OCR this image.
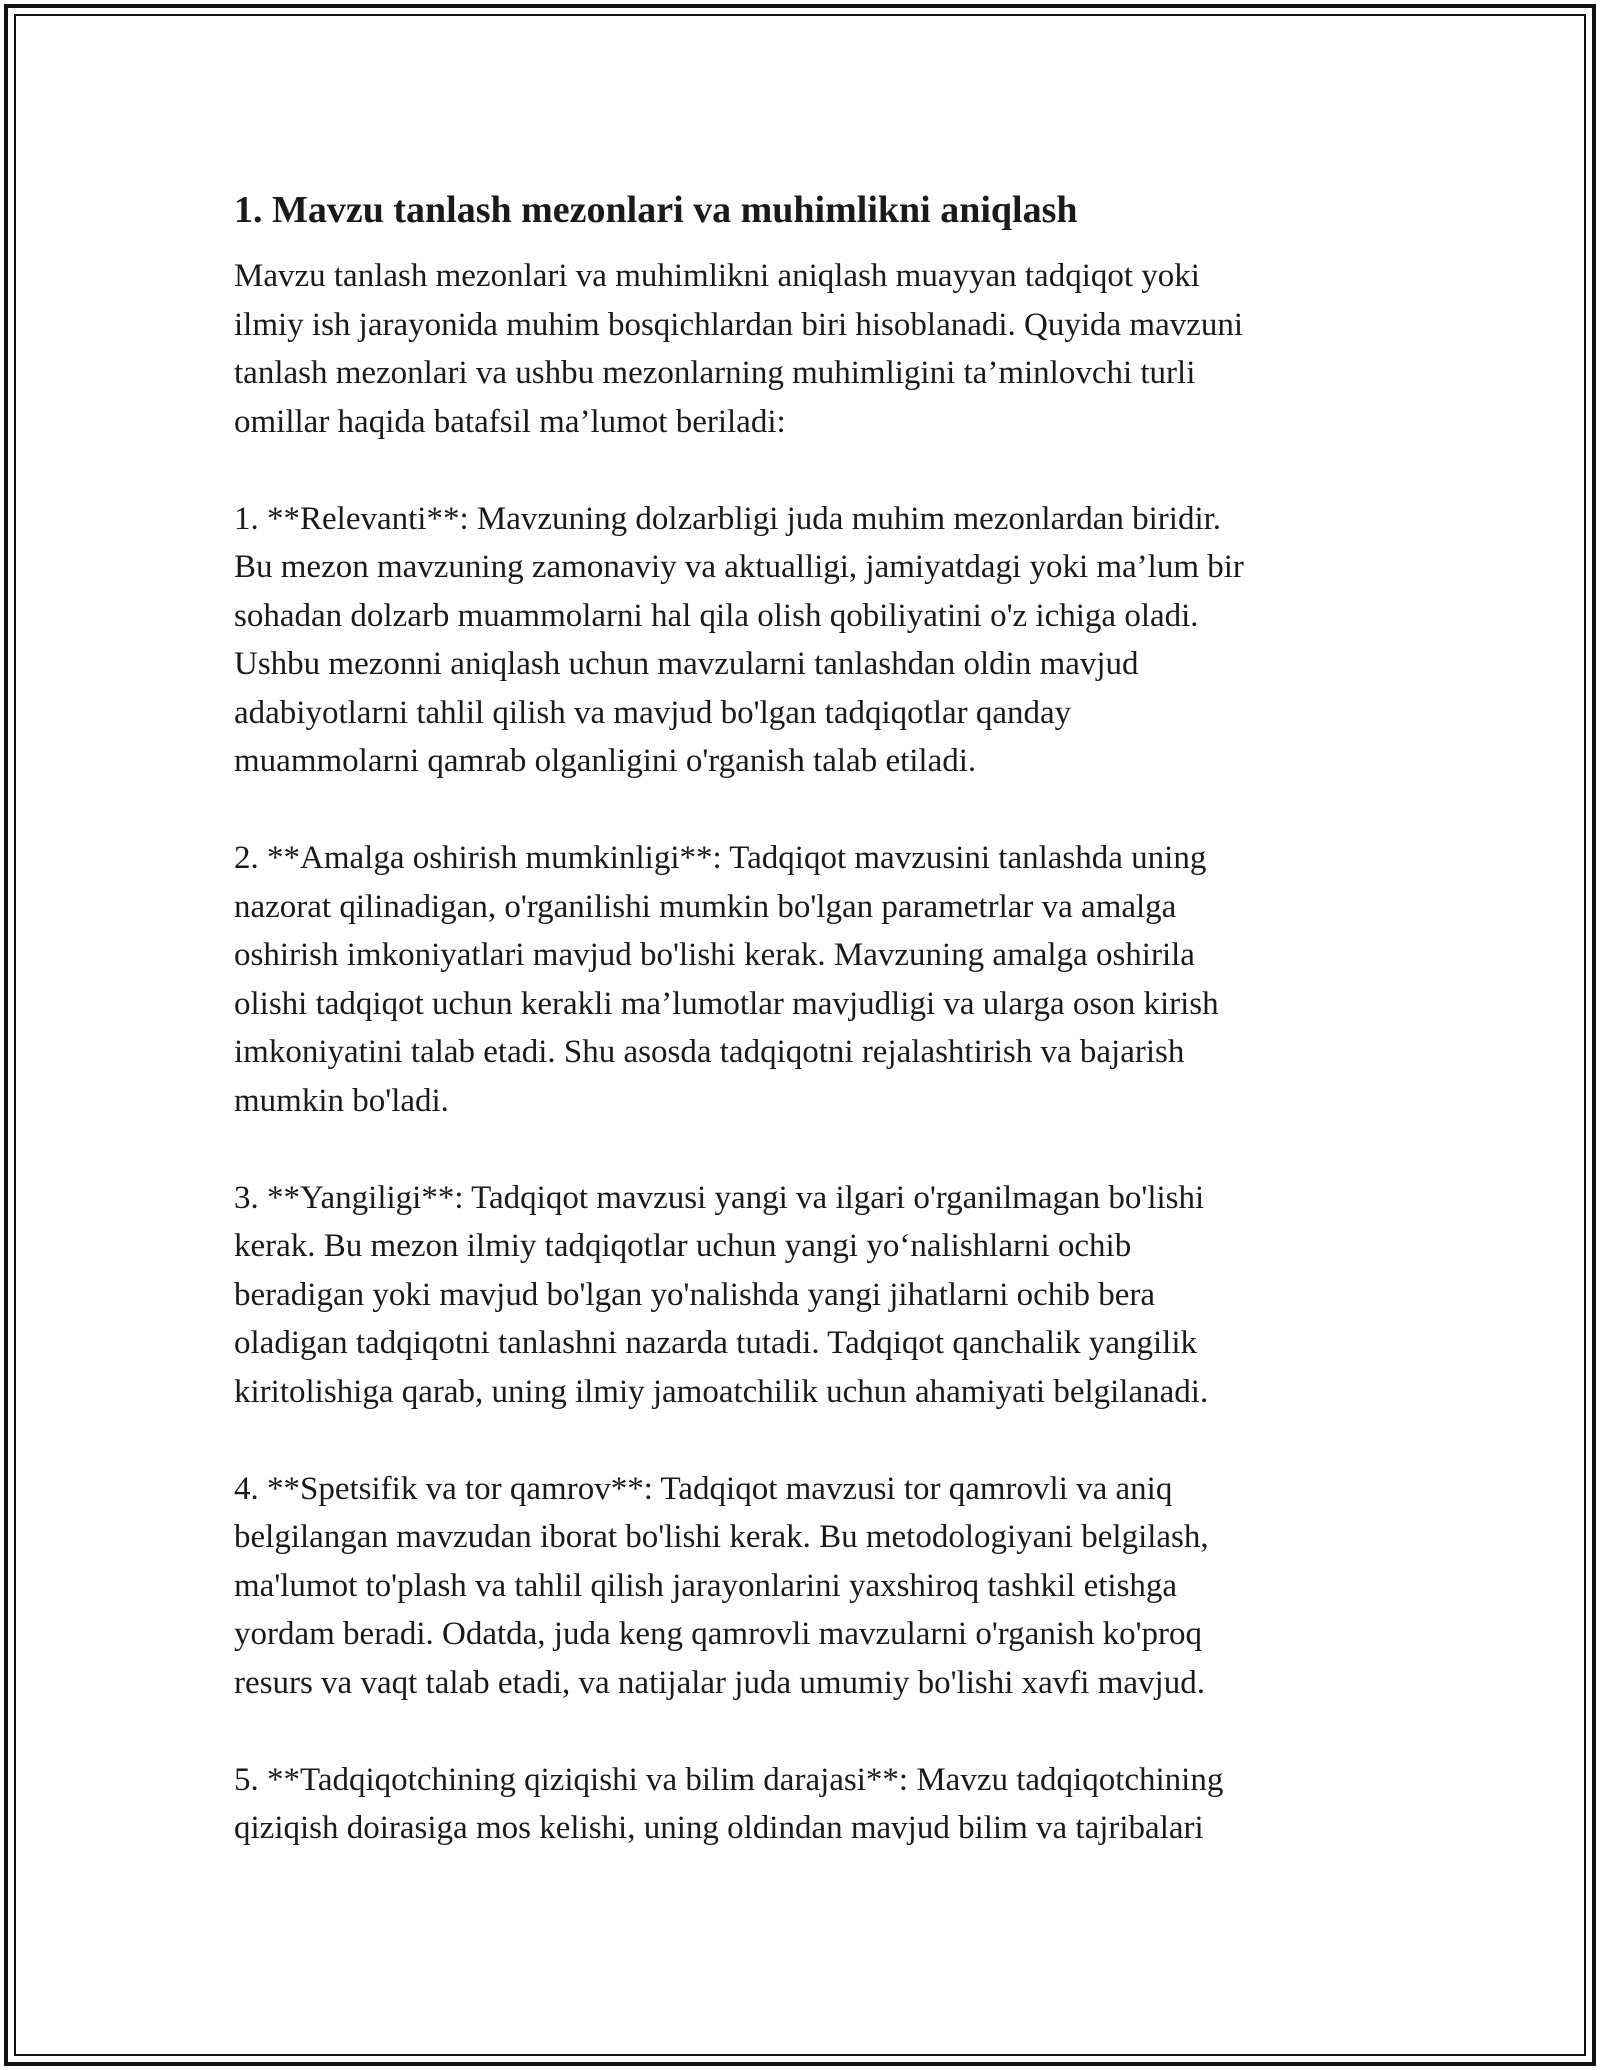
1. Mavzu tanlash mezonlari va muhimlikni aniqlash

Mavzu tanlash mezonlari va muhimlikni aniqlash muayyan tadqiqot yoki
ilmiy ish jarayonida muhim bosqichlardan biri hisoblanadi. Quyida mavzuni
tanlash mezonlari va ushbu mezonlarning muhimligini ta’minlovchi turli
omillar haqida batafsil ma’lumot beriladi:

1. **Relevanti**: Mavzuning dolzarbligi juda muhim mezonlardan biridir.
Bu mezon mavzuning zamonaviy va aktualligi, jamiyatdagi yoki ma’lum bir
sohadan dolzarb muammolarni hal qila olish qobiliyatini o'z ichiga oladi.
Ushbu mezonni aniqlash uchun mavzularni tanlashdan oldin mavjud
adabiyotlarni tahlil qilish va mavjud bo'lgan tadqiqotlar qanday
muammolarni qamrab olganligini o'rganish talab etiladi.

2. **Amalga oshirish mumkinligi**: Tadqiqot mavzusini tanlashda uning
nazorat qilinadigan, o'rganilishi mumkin bo'lgan parametrlar va amalga
oshirish imkoniyatlari mavjud bo'lishi kerak. Mavzuning amalga oshirila
olishi tadqiqot uchun kerakli ma’lumotlar mavjudligi va ularga oson kirish
imkoniyatini talab etadi. Shu asosda tadqiqotni rejalashtirish va bajarish
mumkin bo'ladi.

3. **Yangiligi**: Tadqiqot mavzusi yangi va ilgari o'rganilmagan bo'lishi
kerak. Bu mezon ilmiy tadqiqotlar uchun yangi yo‘nalishlarni ochib
beradigan yoki mavjud bo'lgan yo'nalishda yangi jihatlarni ochib bera
oladigan tadqiqotni tanlashni nazarda tutadi. Tadqiqot qanchalik yangilik
kiritolishiga qarab, uning ilmiy jamoatchilik uchun ahamiyati belgilanadi.

4. **Spetsifik va tor qamrov**: Tadqiqot mavzusi tor qamrovli va aniq
belgilangan mavzudan iborat bo'lishi kerak. Bu metodologiyani belgilash,
ma'lumot to'plash va tahlil qilish jarayonlarini yaxshiroq tashkil etishga
yordam beradi. Odatda, juda keng qamrovli mavzularni o'rganish ko'proq
resurs va vaqt talab etadi, va natijalar juda umumiy bo'lishi xavfi mavjud.

5. **Tadqiqotchining qiziqishi va bilim darajasi**: Mavzu tadqiqotchining
qiziqish doirasiga mos kelishi, uning oldindan mavjud bilim va tajribalari
